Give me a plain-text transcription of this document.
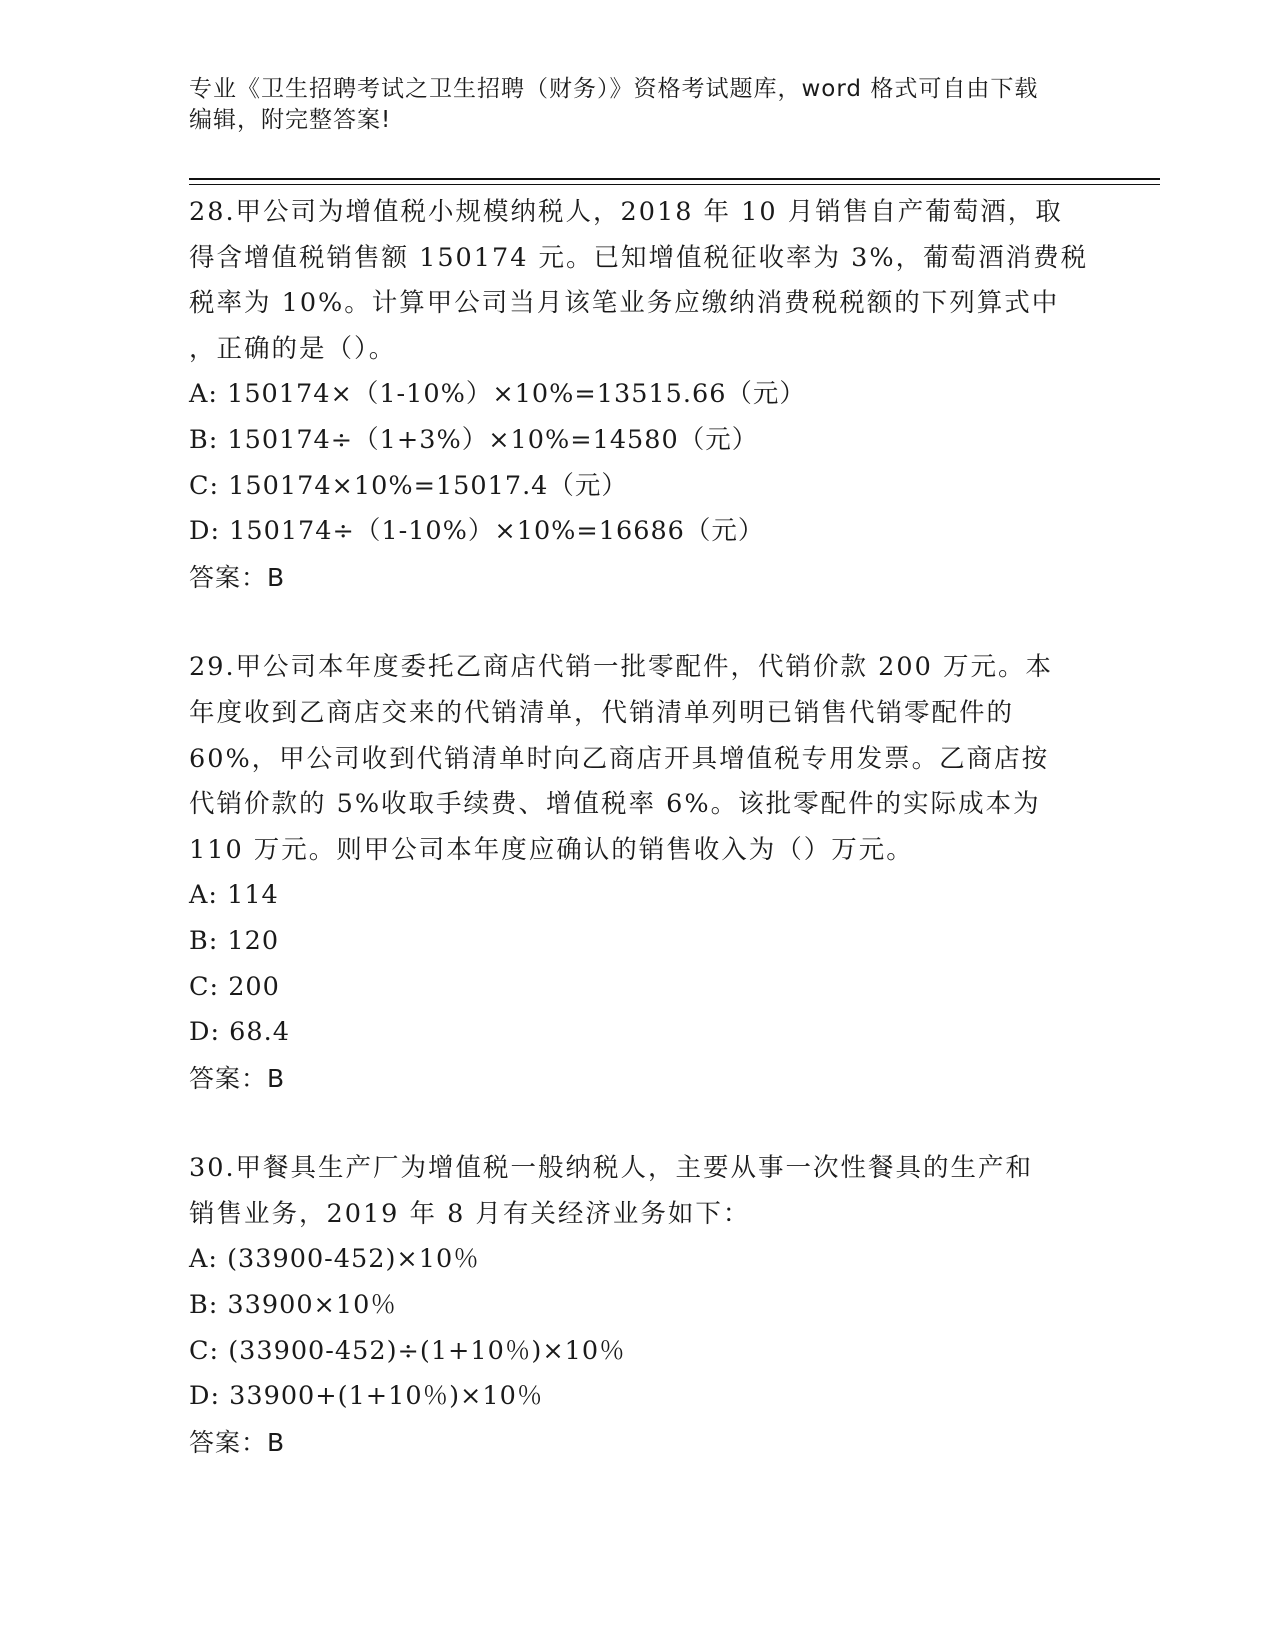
专业《卫生招聘考试之卫生招聘（财务）》资格考试题库，word 格式可自由下载
编辑，附完整答案!
28.甲公司为增值税小规模纳税人，2018 年 10 月销售自产葡萄酒，取
得含增值税销售额 150174 元。已知增值税征收率为 3%，葡萄酒消费税
税率为 10%。计算甲公司当月该笔业务应缴纳消费税税额的下列算式中
，正确的是（）。
A: 150174×（1-10%）×10%=13515.66（元）
B: 150174÷（1+3%）×10%=14580（元）
C: 150174×10%=15017.4（元）
D: 150174÷（1-10%）×10%=16686（元）
答案：B
29.甲公司本年度委托乙商店代销一批零配件，代销价款 200 万元。本
年度收到乙商店交来的代销清单，代销清单列明已销售代销零配件的
60%，甲公司收到代销清单时向乙商店开具增值税专用发票。乙商店按
代销价款的 5%收取手续费、增值税率 6%。该批零配件的实际成本为
110 万元。则甲公司本年度应确认的销售收入为（）万元。
A: 114
B: 120
C: 200
D: 68.4
答案：B
30.甲餐具生产厂为增值税一般纳税人，主要从事一次性餐具的生产和
销售业务，2019 年 8 月有关经济业务如下：
A: (33900-452)×10％
B: 33900×10％
C: (33900-452)÷(1+10％)×10％
D: 33900+(1+10％)×10％
答案：B
